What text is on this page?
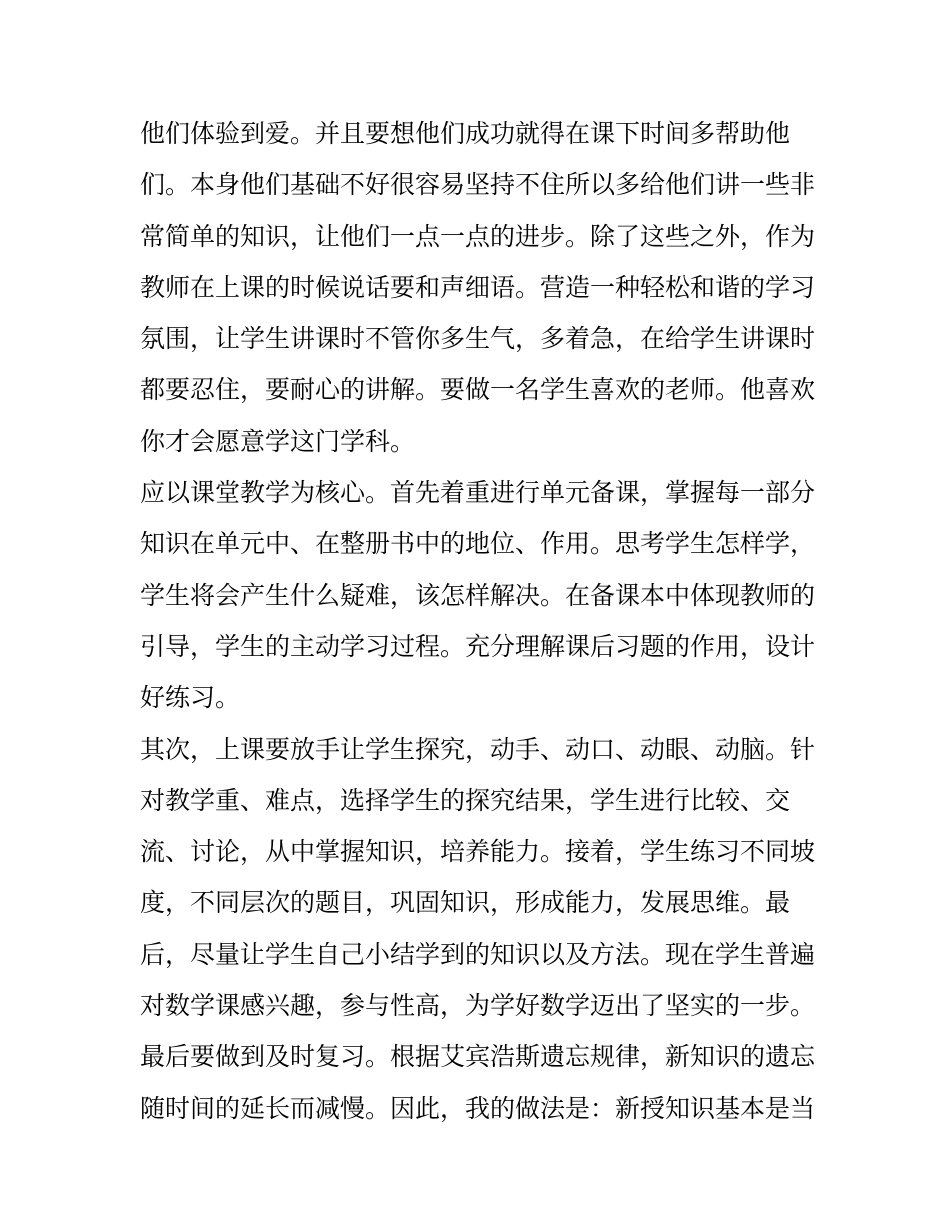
他们体验到爱。并且要想他们成功就得在课下时间多帮助他
们。本身他们基础不好很容易坚持不住所以多给他们讲一些非
常简单的知识，让他们一点一点的进步。除了这些之外，作为
教师在上课的时候说话要和声细语。营造一种轻松和谐的学习
氛围，让学生讲课时不管你多生气，多着急，在给学生讲课时
都要忍住，要耐心的讲解。要做一名学生喜欢的老师。他喜欢
你才会愿意学这门学科。
应以课堂教学为核心。首先着重进行单元备课，掌握每一部分
知识在单元中、在整册书中的地位、作用。思考学生怎样学，
学生将会产生什么疑难，该怎样解决。在备课本中体现教师的
引导，学生的主动学习过程。充分理解课后习题的作用，设计
好练习。
其次，上课要放手让学生探究，动手、动口、动眼、动脑。针
对教学重、难点，选择学生的探究结果，学生进行比较、交
流、讨论，从中掌握知识，培养能力。接着，学生练习不同坡
度，不同层次的题目，巩固知识，形成能力，发展思维。最
后，尽量让学生自己小结学到的知识以及方法。现在学生普遍
对数学课感兴趣，参与性高，为学好数学迈出了坚实的一步。
最后要做到及时复习。根据艾宾浩斯遗忘规律，新知识的遗忘
随时间的延长而减慢。因此，我的做法是：新授知识基本是当
